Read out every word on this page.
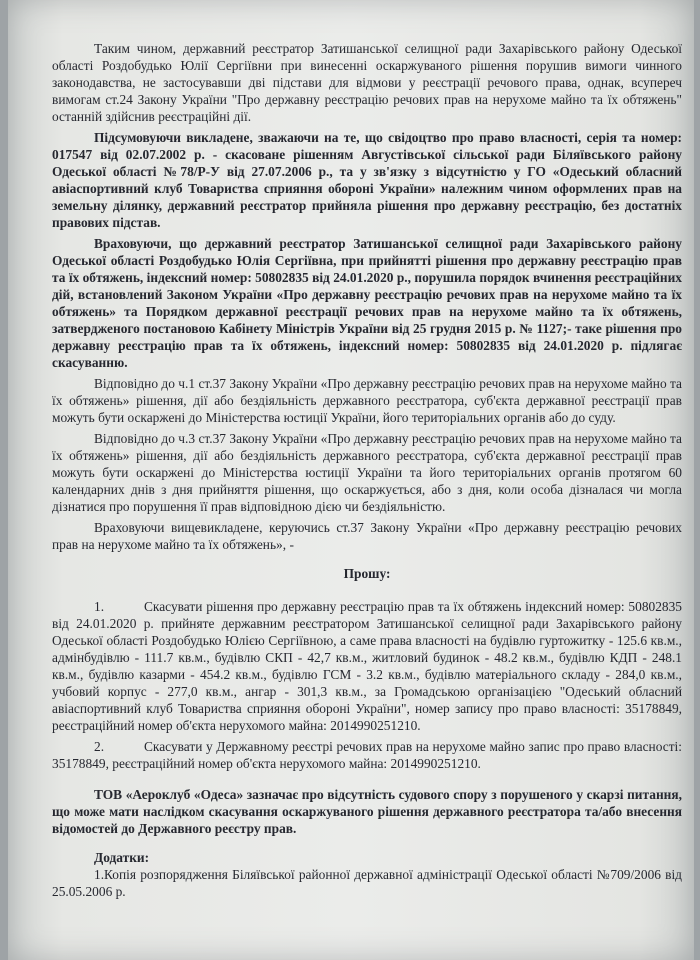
Таким чином, державний реєстратор Затишанської селищної ради Захарівського району Одеської області Роздобудько Юлії Сергіївни при винесенні оскаржуваного рішення порушив вимоги чинного законодавства, не застосувавши дві підстави для відмови у реєстрації речового права, однак, всупереч вимогам ст.24 Закону України "Про державну реєстрацію речових прав на нерухоме майно та їх обтяжень" останній здійснив реєстраційні дії.

Підсумовуючи викладене, зважаючи на те, що свідоцтво про право власності, серія та номер: 017547 від 02.07.2002 р. - скасоване рішенням Августівської сільської ради Біляївського району Одеської області №78/Р-У від 27.07.2006 р., та у зв'язку з відсутністю у ГО «Одеський обласний авіаспортивний клуб Товариства сприяння обороні України» належним чином оформлених прав на земельну ділянку, державний реєстратор прийняла рішення про державну реєстрацію, без достатніх правових підстав.

Враховуючи, що державний реєстратор Затишанської селищної ради Захарівського району Одеської області Роздобудько Юлія Сергіївна, при прийнятті рішення про державну реєстрацію прав та їх обтяжень, індексний номер: 50802835 від 24.01.2020 р., порушила порядок вчинення реєстраційних дій, встановлений Законом України «Про державну реєстрацію речових прав на нерухоме майно та їх обтяжень» та Порядком державної реєстрації речових прав на нерухоме майно та їх обтяжень, затвердженого постановою Кабінету Міністрів України від 25 грудня 2015 р. № 1127;- таке рішення про державну реєстрацію прав та їх обтяжень, індексний номер: 50802835 від 24.01.2020 р. підлягає скасуванню.

Відповідно до ч.1 ст.37 Закону України «Про державну реєстрацію речових прав на нерухоме майно та їх обтяжень» рішення, дії або бездіяльність державного реєстратора, суб'єкта державної реєстрації прав можуть бути оскаржені до Міністерства юстиції України, його територіальних органів або до суду.

Відповідно до ч.3 ст.37 Закону України «Про державну реєстрацію речових прав на нерухоме майно та їх обтяжень» рішення, дії або бездіяльність державного реєстратора, суб'єкта державної реєстрації прав можуть бути оскаржені до Міністерства юстиції України та його територіальних органів протягом 60 календарних днів з дня прийняття рішення, що оскаржується, або з дня, коли особа дізналася чи могла дізнатися про порушення її прав відповідною дією чи бездіяльністю.

Враховуючи вищевикладене, керуючись ст.37 Закону України «Про державну реєстрацію речових прав на нерухоме майно та їх обтяжень», -

Прошу:

1.	Скасувати рішення про державну реєстрацію прав та їх обтяжень індексний номер: 50802835 від 24.01.2020 р. прийняте державним реєстратором Затишанської селищної ради Захарівського району Одеської області Роздобудько Юлією Сергіївною, а саме права власності на будівлю гуртожитку - 125.6 кв.м., адмінбудівлю - 111.7 кв.м., будівлю СКП - 42,7 кв.м., житловий будинок - 48.2 кв.м., будівлю КДП - 248.1 кв.м., будівлю казарми - 454.2 кв.м., будівлю ГСМ - 3.2 кв.м., будівлю матеріального складу - 284,0 кв.м., учбовий корпус - 277,0 кв.м., ангар - 301,3 кв.м., за Громадською організацією "Одеський обласний авіаспортивний клуб Товариства сприяння обороні України", номер запису про право власності: 35178849, реєстраційний номер об'єкта нерухомого майна: 2014990251210.

2.	Скасувати у Державному реєстрі речових прав на нерухоме майно запис про право власності: 35178849, реєстраційний номер об'єкта нерухомого майна: 2014990251210.

ТОВ «Аероклуб «Одеса» зазначає про відсутність судового спору з порушеного у скарзі питання, що може мати наслідком скасування оскаржуваного рішення державного реєстратора та/або внесення відомостей до Державного реєстру прав.

Додатки:

1.Копія розпорядження Біляївської районної державної адміністрації Одеської області №709/2006 від 25.05.2006 р.
